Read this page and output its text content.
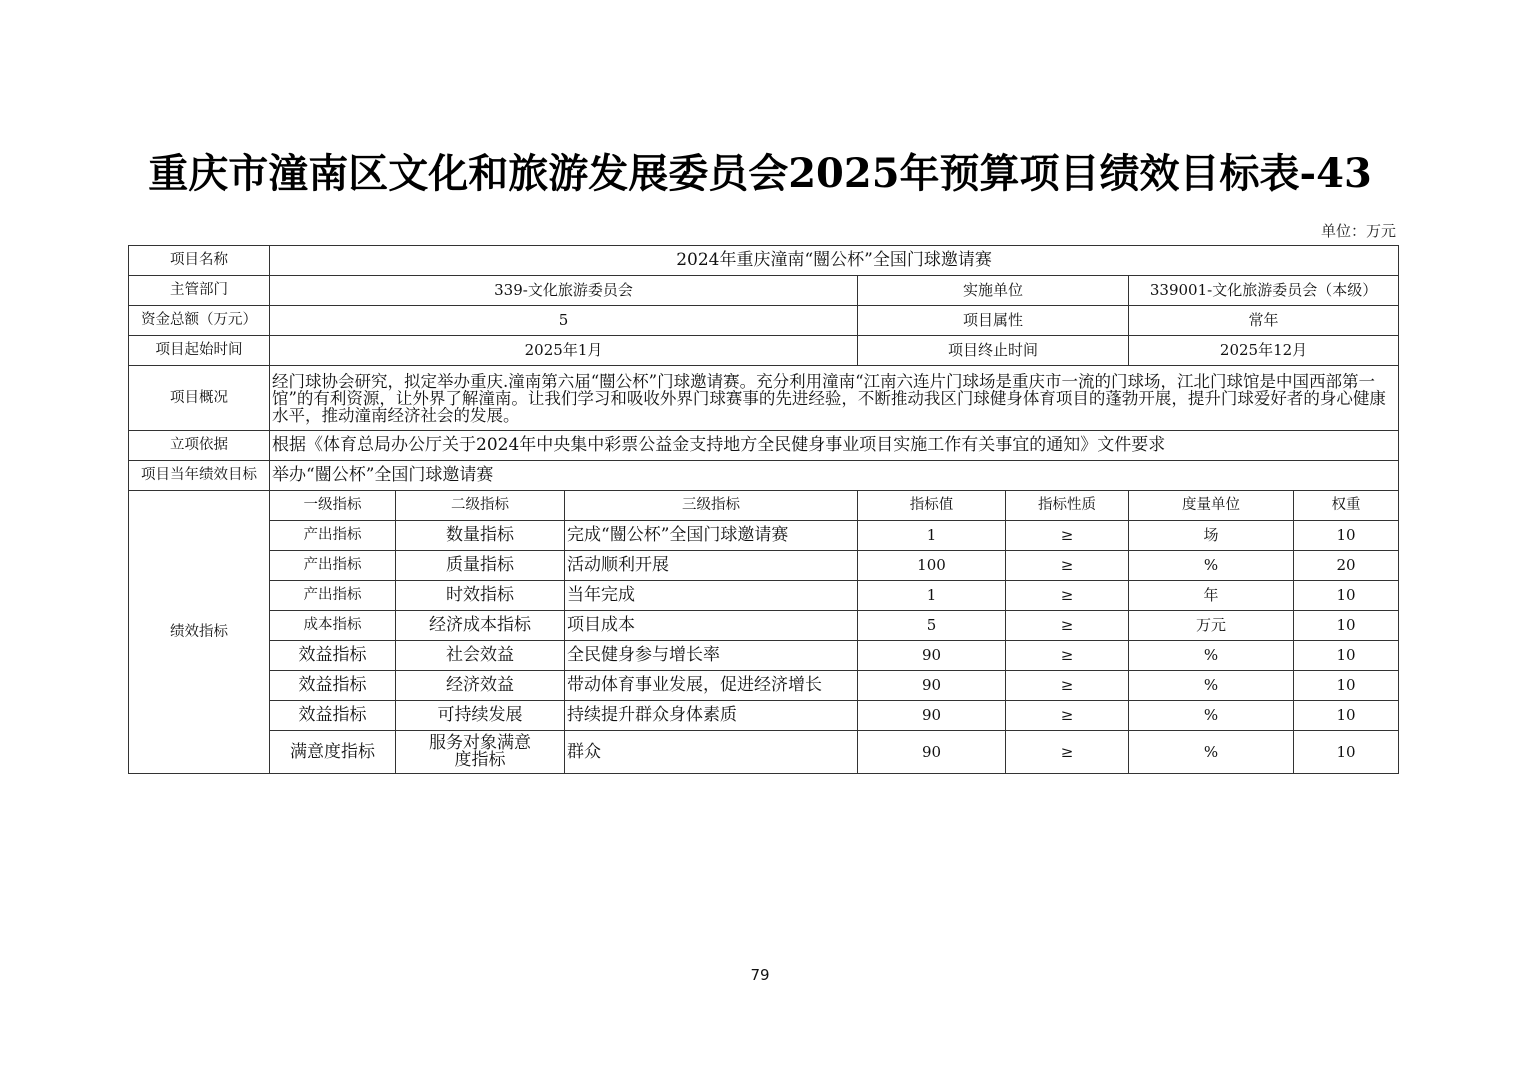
重庆市潼南区文化和旅游发展委员会2025年预算项目绩效目标表-43
单位：万元
项目名称	2024年重庆潼南“闓公杯”全国门球邀请赛						
主管部门	339-文化旅游委员会			实施单位		339001-文化旅游委员会（本级）	
资金总额（万元）	5			项目属性		常年	
项目起始时间	2025年1月			项目终止时间		2025年12月	
项目概况	经门球协会研究，拟定举办重庆.潼南第六届“闓公杯”门球邀请赛。充分利用潼南“江南六连片门球场是重庆市一流的门球场，江北门球馆是中国西部第一馆”的有利资源，让外界了解潼南。让我们学习和吸收外界门球赛事的先进经验，不断推动我区门球健身体育项目的蓬勃开展，提升门球爱好者的身心健康水平，推动潼南经济社会的发展。						
立项依据	根据《体育总局办公厅关于2024年中央集中彩票公益金支持地方全民健身事业项目实施工作有关事宜的通知》文件要求						
项目当年绩效目标	举办“闓公杯”全国门球邀请赛						
绩效指标	一级指标	二级指标	三级指标	指标值	指标性质	度量单位	权重
	产出指标	数量指标	完成“闓公杯”全国门球邀请赛	1	≥	场	10
	产出指标	质量指标	活动顺利开展	100	≥	%	20
	产出指标	时效指标	当年完成	1	≥	年	10
	成本指标	经济成本指标	项目成本	5	≥	万元	10
	效益指标	社会效益	全民健身参与增长率	90	≥	%	10
	效益指标	经济效益	带动体育事业发展，促进经济增长	90	≥	%	10
	效益指标	可持续发展	持续提升群众身体素质	90	≥	%	10
	满意度指标	服务对象满意度指标	群众	90	≥	%	10
79
